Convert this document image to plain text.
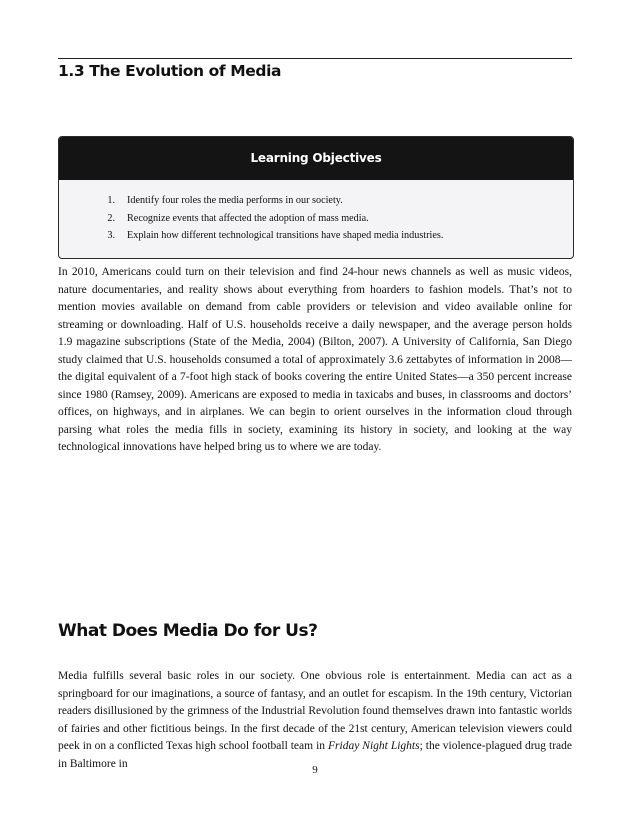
1.3 The Evolution of Media
Learning Objectives
1. Identify four roles the media performs in our society.
2. Recognize events that affected the adoption of mass media.
3. Explain how different technological transitions have shaped media industries.

In 2010, Americans could turn on their television and find 24-hour news channels as well as music videos, nature documentaries, and reality shows about everything from hoarders to fashion models. That’s not to mention movies available on demand from cable providers or television and video available online for streaming or downloading. Half of U.S. households receive a daily newspaper, and the average person holds 1.9 magazine subscriptions (State of the Media, 2004) (Bilton, 2007). A University of California, San Diego study claimed that U.S. households consumed a total of approximately 3.6 zettabytes of information in 2008—the digital equivalent of a 7-foot high stack of books covering the entire United States—a 350 percent increase since 1980 (Ramsey, 2009). Americans are exposed to media in taxicabs and buses, in classrooms and doctors’ offices, on highways, and in airplanes. We can begin to orient ourselves in the information cloud through parsing what roles the media fills in society, examining its history in society, and looking at the way technological innovations have helped bring us to where we are today.

What Does Media Do for Us?

Media fulfills several basic roles in our society. One obvious role is entertainment. Media can act as a springboard for our imaginations, a source of fantasy, and an outlet for escapism. In the 19th century, Victorian readers disillusioned by the grimness of the Industrial Revolution found themselves drawn into fantastic worlds of fairies and other fictitious beings. In the first decade of the 21st century, American television viewers could peek in on a conflicted Texas high school football team in Friday Night Lights; the violence-plagued drug trade in Baltimore in

9
